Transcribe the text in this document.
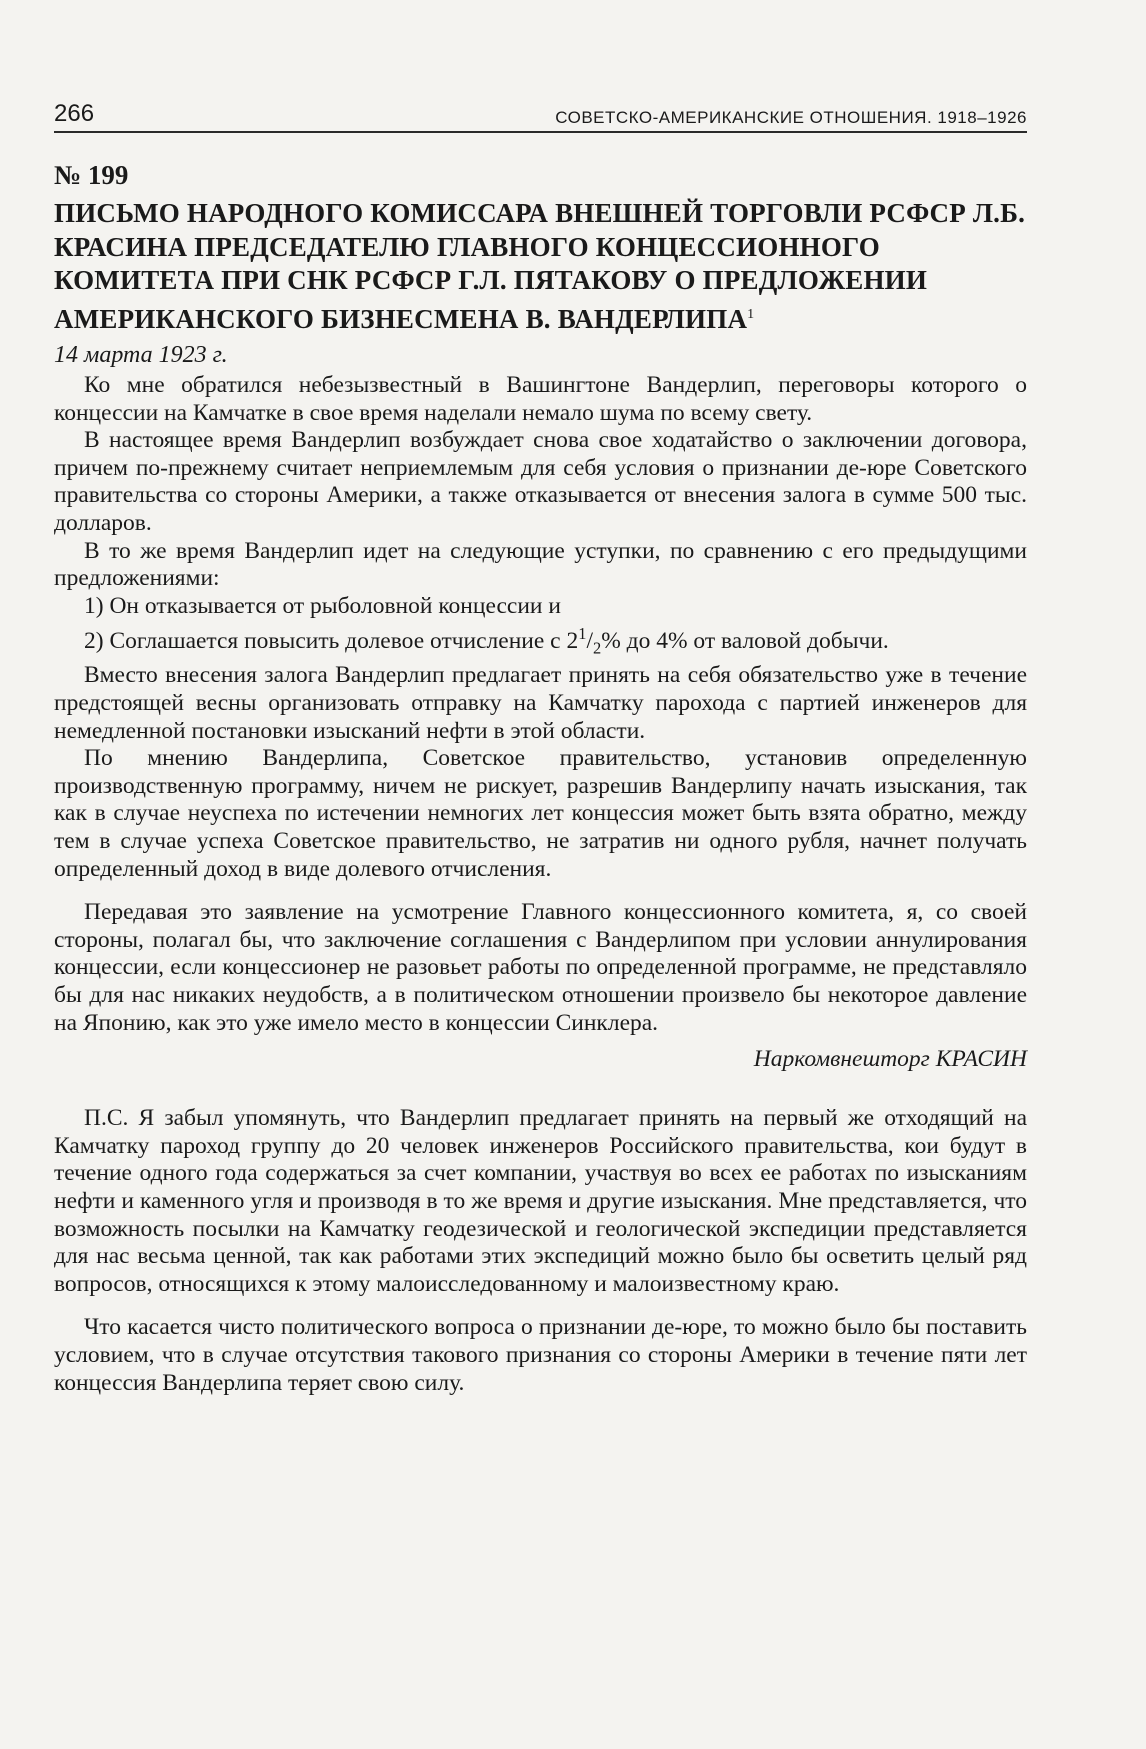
266	СОВЕТСКО-АМЕРИКАНСКИЕ ОТНОШЕНИЯ. 1918–1926
№ 199
ПИСЬМО НАРОДНОГО КОМИССАРА ВНЕШНЕЙ ТОРГОВЛИ РСФСР Л.Б. КРАСИНА ПРЕДСЕДАТЕЛЮ ГЛАВНОГО КОНЦЕССИОННОГО КОМИТЕТА ПРИ СНК РСФСР Г.Л. ПЯТАКОВУ О ПРЕДЛОЖЕНИИ АМЕРИКАНСКОГО БИЗНЕСМЕНА В. ВАНДЕРЛИПА$^1$
14 марта 1923 г.

Ко мне обратился небезызвестный в Вашингтоне Вандерлип, переговоры которого о концессии на Камчатке в свое время наделали немало шума по всему свету.

В настоящее время Вандерлип возбуждает снова свое ходатайство о заключении договора, причем по-прежнему считает неприемлемым для себя условия о признании де-юре Советского правительства со стороны Америки, а также отказывается от внесения залога в сумме 500 тыс. долларов.

В то же время Вандерлип идет на следующие уступки, по сравнению с его предыдущими предложениями:

1) Он отказывается от рыболовной концессии и

2) Соглашается повысить долевое отчисление с $2^1/_2\%$ до 4% от валовой добычи.

Вместо внесения залога Вандерлип предлагает принять на себя обязательство уже в течение предстоящей весны организовать отправку на Камчатку парохода с партией инженеров для немедленной постановки изысканий нефти в этой области.

По мнению Вандерлипа, Советское правительство, установив определенную производственную программу, ничем не рискует, разрешив Вандерлипу начать изыскания, так как в случае неуспеха по истечении немногих лет концессия может быть взята обратно, между тем в случае успеха Советское правительство, не затратив ни одного рубля, начнет получать определенный доход в виде долевого отчисления.

Передавая это заявление на усмотрение Главного концессионного комитета, я, со своей стороны, полагал бы, что заключение соглашения с Вандерлипом при условии аннулирования концессии, если концессионер не разовьет работы по определенной программе, не представляло бы для нас никаких неудобств, а в политическом отношении произвело бы некоторое давление на Японию, как это уже имело место в концессии Синклера.

Наркомвнешторг КРАСИН

П.С. Я забыл упомянуть, что Вандерлип предлагает принять на первый же отходящий на Камчатку пароход группу до 20 человек инженеров Российского правительства, кои будут в течение одного года содержаться за счет компании, участвуя во всех ее работах по изысканиям нефти и каменного угля и производя в то же время и другие изыскания. Мне представляется, что возможность посылки на Камчатку геодезической и геологической экспедиции представляется для нас весьма ценной, так как работами этих экспедиций можно было бы осветить целый ряд вопросов, относящихся к этому малоисследованному и малоизвестному краю.

Что касается чисто политического вопроса о признании де-юре, то можно было бы поставить условием, что в случае отсутствия такового признания со стороны Америки в течение пяти лет концессия Вандерлипа теряет свою силу.
